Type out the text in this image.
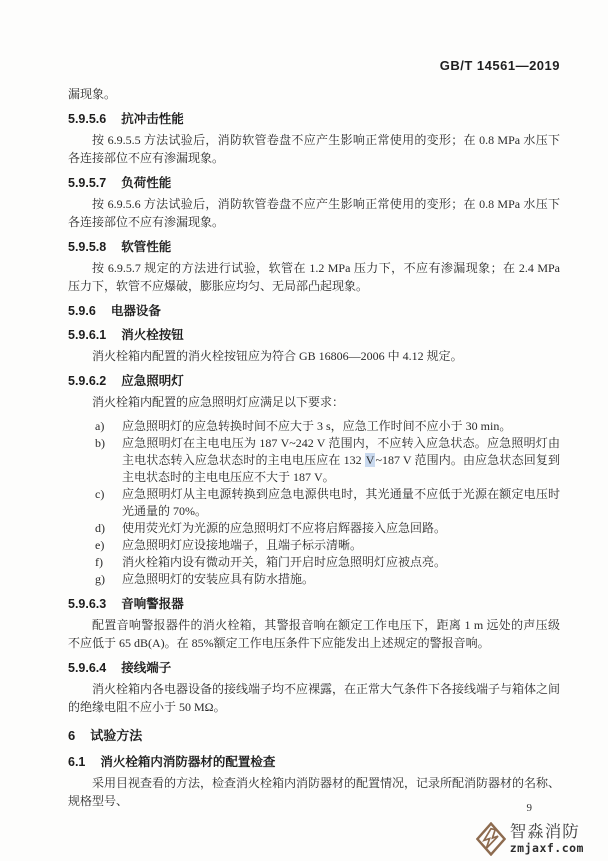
GB/T 14561—2019

漏现象。

5.9.5.6 抗冲击性能

按 6.9.5.5 方法试验后，消防软管卷盘不应产生影响正常使用的变形；在 0.8 MPa 水压下各连接部位不应有渗漏现象。

5.9.5.7 负荷性能

按 6.9.5.6 方法试验后，消防软管卷盘不应产生影响正常使用的变形；在 0.8 MPa 水压下各连接部位不应有渗漏现象。

5.9.5.8 软管性能

按 6.9.5.7 规定的方法进行试验，软管在 1.2 MPa 压力下，不应有渗漏现象；在 2.4 MPa 压力下，软管不应爆破，膨胀应均匀、无局部凸起现象。

5.9.6 电器设备
5.9.6.1 消火栓按钮

消火栓箱内配置的消火栓按钮应为符合 GB 16806—2006 中 4.12 规定。

5.9.6.2 应急照明灯

消火栓箱内配置的应急照明灯应满足以下要求：

a) 应急照明灯的应急转换时间不应大于 3 s，应急工作时间不应小于 30 min。
b) 应急照明灯在主电电压为 187 V~242 V 范围内，不应转入应急状态。应急照明灯由主电状态转入应急状态时的主电电压应在 132 V~187 V 范围内。由应急状态回复到主电状态时的主电电压应不大于 187 V。
c) 应急照明灯从主电源转换到应急电源供电时，其光通量不应低于光源在额定电压时光通量的 70%。
d) 使用荧光灯为光源的应急照明灯不应将启辉器接入应急回路。
e) 应急照明灯应设接地端子，且端子标示清晰。
f) 消火栓箱内设有微动开关，箱门开启时应急照明灯应被点亮。
g) 应急照明灯的安装应具有防水措施。
5.9.6.3 音响警报器

配置音响警报器件的消火栓箱，其警报音响在额定工作电压下，距离 1 m 远处的声压级不应低于 65 dB(A)。在 85%额定工作电压条件下应能发出上述规定的警报音响。

5.9.6.4 接线端子

消火栓箱内各电器设备的接线端子均不应裸露，在正常大气条件下各接线端子与箱体之间的绝缘电阻不应小于 50 MΩ。

6 试验方法
6.1 消火栓箱内消防器材的配置检查

采用目视查看的方法，检查消火栓箱内消防器材的配置情况，记录所配消防器材的名称、规格型号、	9
智淼消防
zmjaxf.com
